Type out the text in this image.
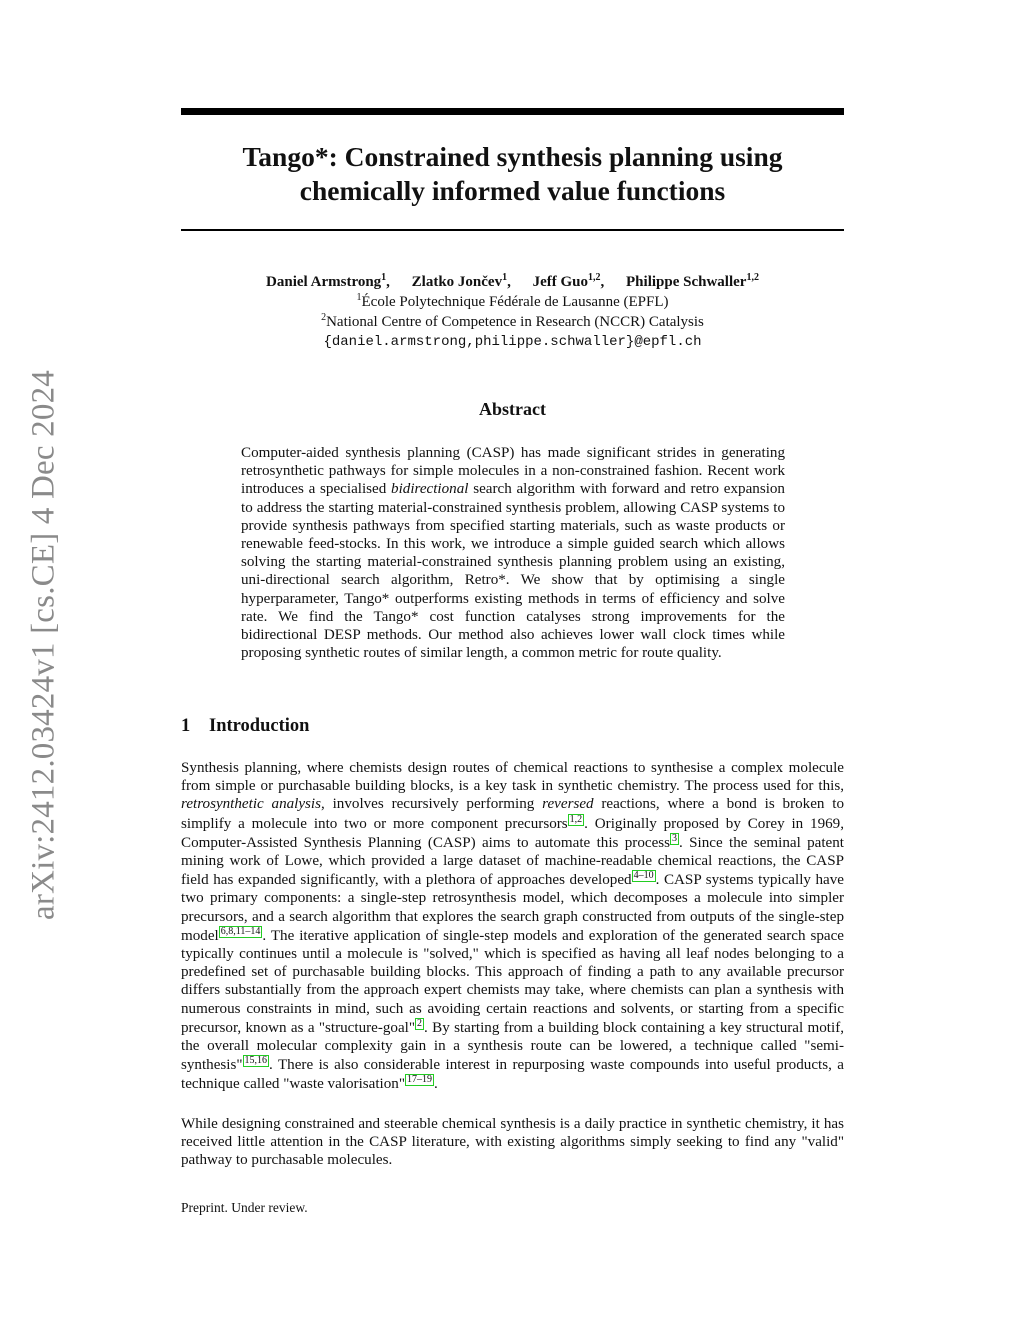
arXiv:2412.03424v1 [cs.CE] 4 Dec 2024
Tango*: Constrained synthesis planning using chemically informed value functions
Daniel Armstrong$^1$, Zlatko Jončev$^1$, Jeff Guo$^{1,2}$, Philippe Schwaller$^{1,2}$
$^1$École Polytechnique Fédérale de Lausanne (EPFL)
$^2$National Centre of Competence in Research (NCCR) Catalysis
{daniel.armstrong,philippe.schwaller}@epfl.ch
Abstract

Computer-aided synthesis planning (CASP) has made significant strides in generating retrosynthetic pathways for simple molecules in a non-constrained fashion. Recent work introduces a specialised bidirectional search algorithm with forward and retro expansion to address the starting material-constrained synthesis problem, allowing CASP systems to provide synthesis pathways from specified starting materials, such as waste products or renewable feed-stocks. In this work, we introduce a simple guided search which allows solving the starting material-constrained synthesis planning problem using an existing, uni-directional search algorithm, Retro*. We show that by optimising a single hyperparameter, Tango* outperforms existing methods in terms of efficiency and solve rate. We find the Tango* cost function catalyses strong improvements for the bidirectional DESP methods. Our method also achieves lower wall clock times while proposing synthetic routes of similar length, a common metric for route quality.

1 Introduction

Synthesis planning, where chemists design routes of chemical reactions to synthesise a complex molecule from simple or purchasable building blocks, is a key task in synthetic chemistry. The process used for this, retrosynthetic analysis, involves recursively performing reversed reactions, where a bond is broken to simplify a molecule into two or more component precursors 1,2 . Originally proposed by Corey in 1969, Computer-Assisted Synthesis Planning (CASP) aims to automate this process 3 . Since the seminal patent mining work of Lowe, which provided a large dataset of machine-readable chemical reactions, the CASP field has expanded significantly, with a plethora of approaches developed 4–10 . CASP systems typically have two primary components: a single-step retrosynthesis model, which decomposes a molecule into simpler precursors, and a search algorithm that explores the search graph constructed from outputs of the single-step model 6,8,11–14 . The iterative application of single-step models and exploration of the generated search space typically continues until a molecule is "solved," which is specified as having all leaf nodes belonging to a predefined set of purchasable building blocks. This approach of finding a path to any available precursor differs substantially from the approach expert chemists may take, where chemists can plan a synthesis with numerous constraints in mind, such as avoiding certain reactions and solvents, or starting from a specific precursor, known as a "structure-goal" 2 . By starting from a building block containing a key structural motif, the overall molecular complexity gain in a synthesis route can be lowered, a technique called "semi-synthesis" 15,16 . There is also considerable interest in repurposing waste compounds into useful products, a technique called "waste valorisation" 17–19 .

While designing constrained and steerable chemical synthesis is a daily practice in synthetic chemistry, it has received little attention in the CASP literature, with existing algorithms simply seeking to find any "valid" pathway to purchasable molecules.

Preprint. Under review.
